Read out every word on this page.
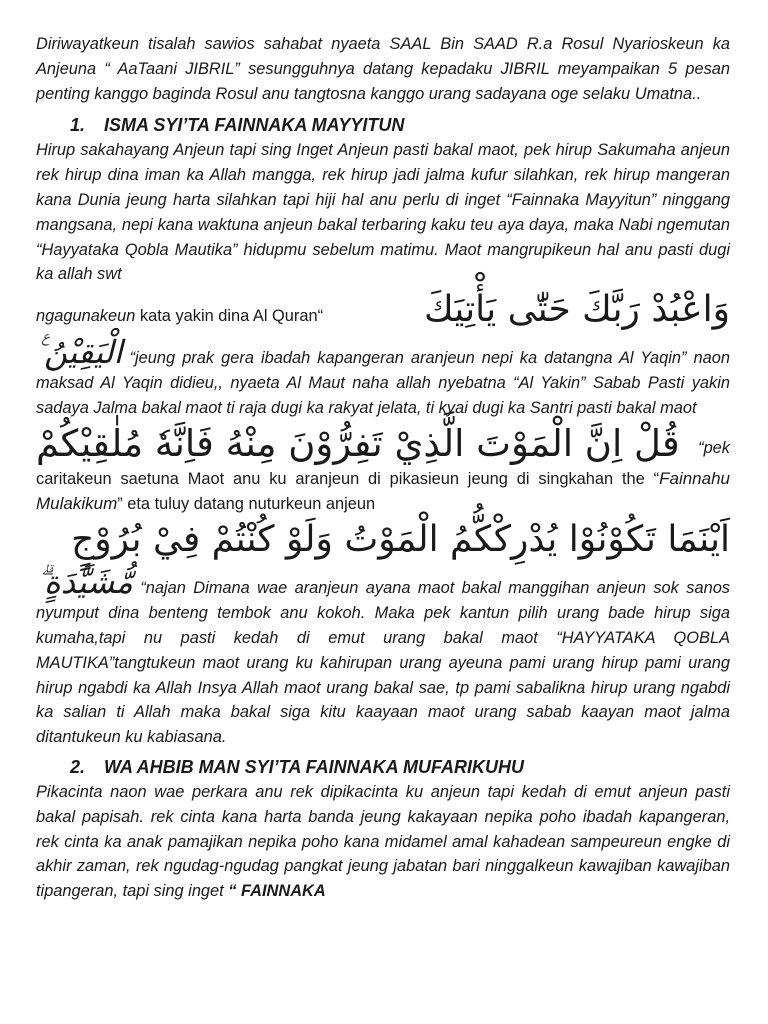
Diriwayatkeun tisalah sawios sahabat nyaeta SAAL Bin SAAD R.a Rosul Nyarioskeun ka Anjeuna “ AaTaani JIBRIL” sesungguhnya datang kepadaku JIBRIL meyampaikan 5 pesan penting kanggo baginda Rosul anu tangtosna kanggo urang sadayana oge selaku Umatna..

1. ISMA SYI’TA FAINNAKA MAYYITUN

Hirup sakahayang Anjeun tapi sing Inget Anjeun pasti bakal maot, pek hirup Sakumaha anjeun rek hirup dina iman ka Allah mangga, rek hirup jadi jalma kufur silahkan, rek hirup mangeran kana Dunia jeung harta silahkan tapi hiji hal anu perlu di inget “Fainnaka Mayyitun” ninggang mangsana, nepi kana waktuna anjeun bakal terbaring kaku teu aya daya, maka Nabi ngemutan “Hayyataka Qobla Mautika” hidupmu sebelum matimu. Maot mangrupikeun hal anu pasti dugi ka allah swt

ngagunakeun kata yakin dina Al Quran“	وَاعْبُدْ رَبَّكَ حَتّٰى يَأْتِيَكَ

الْيَقِيْنُ ࣖ “jeung prak gera ibadah kapangeran aranjeun nepi ka datangna Al Yaqin” naon maksad Al Yaqin didieu,, nyaeta Al Maut naha allah nyebatna “Al Yakin” Sabab Pasti yakin sadaya Jalma bakal maot ti raja dugi ka rakyat jelata, ti kyai dugi ka Santri pasti bakal maot

قُلْ اِنَّ الْمَوْتَ الَّذِيْ تَفِرُّوْنَ مِنْهُ فَاِنَّهٗ مُلٰقِيْكُمْ “pek

caritakeun saetuna Maot anu ku aranjeun di pikasieun jeung di singkahan the “Fainnahu Mulakikum” eta tuluy datang nuturkeun anjeun

اَيْنَمَا تَكُوْنُوْا يُدْرِكْكُّمُ الْمَوْتُ وَلَوْ كُنْتُمْ فِيْ بُرُوْجٍ

مُّشَيَّدَةٍ ۗ “najan Dimana wae aranjeun ayana maot bakal manggihan anjeun sok sanos nyumput dina benteng tembok anu kokoh. Maka pek kantun pilih urang bade hirup siga kumaha,tapi nu pasti kedah di emut urang bakal maot “HAYYATAKA QOBLA MAUTIKA”tangtukeun maot urang ku kahirupan urang ayeuna pami urang hirup pami urang hirup ngabdi ka Allah Insya Allah maot urang bakal sae, tp pami sabalikna hirup urang ngabdi ka salian ti Allah maka bakal siga kitu kaayaan maot urang sabab kaayan maot jalma ditantukeun ku kabiasana.

2. WA AHBIB MAN SYI’TA FAINNAKA MUFARIKUHU

Pikacinta naon wae perkara anu rek dipikacinta ku anjeun tapi kedah di emut anjeun pasti bakal papisah. rek cinta kana harta banda jeung kakayaan nepika poho ibadah kapangeran, rek cinta ka anak pamajikan nepika poho kana midamel amal kahadean sampeureun engke di akhir zaman, rek ngudag-ngudag pangkat jeung jabatan bari ninggalkeun kawajiban kawajiban tipangeran, tapi sing inget “ FAINNAKA
